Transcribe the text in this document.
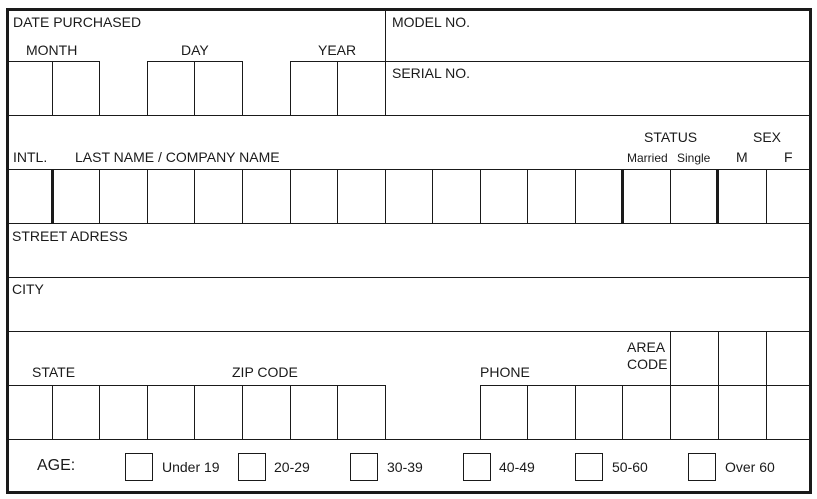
DATE PURCHASED
MONTH	DAY	YEAR
MODEL NO.
SERIAL NO.
INTL. LAST NAME / COMPANY NAME
STATUS
Married Single
SEX
M	F
STREET ADRESS
CITY
STATE	ZIP CODE	PHONE
AREA
CODE
AGE:	Under 19	20-29	30-39	40-49	50-60	Over 60
